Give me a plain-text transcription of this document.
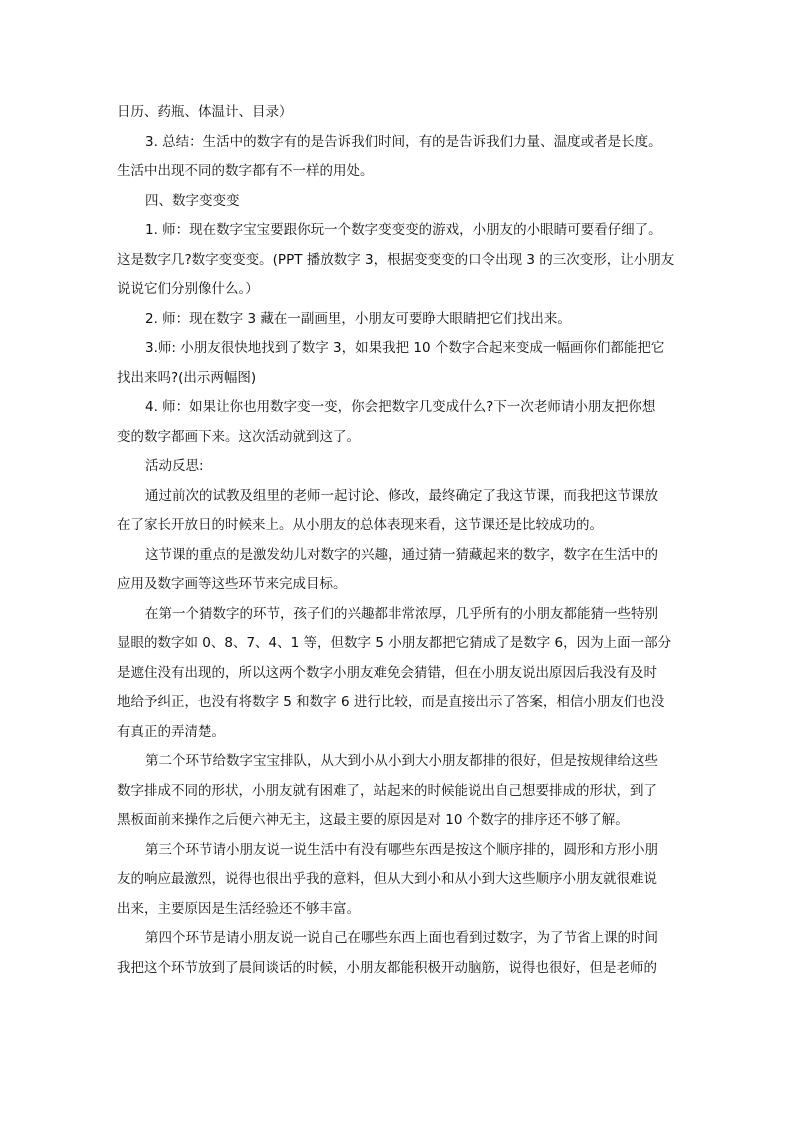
日历、药瓶、体温计、目录）
3. 总结：生活中的数字有的是告诉我们时间，有的是告诉我们力量、温度或者是长度。
生活中出现不同的数字都有不一样的用处。
四、数字变变变
1. 师：现在数字宝宝要跟你玩一个数字变变变的游戏，小朋友的小眼睛可要看仔细了。
这是数字几?数字变变变。(PPT 播放数字 3，根据变变变的口令出现 3 的三次变形，让小朋友
说说它们分别像什么。）
2. 师：现在数字 3 藏在一副画里，小朋友可要睁大眼睛把它们找出来。
3.师: 小朋友很快地找到了数字 3，如果我把 10 个数字合起来变成一幅画你们都能把它
找出来吗?(出示两幅图)
4. 师：如果让你也用数字变一变，你会把数字几变成什么?下一次老师请小朋友把你想
变的数字都画下来。这次活动就到这了。
活动反思:
通过前次的试教及组里的老师一起讨论、修改，最终确定了我这节课，而我把这节课放
在了家长开放日的时候来上。从小朋友的总体表现来看，这节课还是比较成功的。
这节课的重点的是激发幼儿对数字的兴趣，通过猜一猜藏起来的数字，数字在生活中的
应用及数字画等这些环节来完成目标。
在第一个猜数字的环节，孩子们的兴趣都非常浓厚，几乎所有的小朋友都能猜一些特别
显眼的数字如 0、8、7、4、1 等，但数字 5 小朋友都把它猜成了是数字 6，因为上面一部分
是遮住没有出现的，所以这两个数字小朋友难免会猜错，但在小朋友说出原因后我没有及时
地给予纠正，也没有将数字 5 和数字 6 进行比较，而是直接出示了答案，相信小朋友们也没
有真正的弄清楚。
第二个环节给数字宝宝排队，从大到小从小到大小朋友都排的很好，但是按规律给这些
数字排成不同的形状，小朋友就有困难了，站起来的时候能说出自己想要排成的形状，到了
黑板面前来操作之后便六神无主，这最主要的原因是对 10 个数字的排序还不够了解。
第三个环节请小朋友说一说生活中有没有哪些东西是按这个顺序排的，圆形和方形小朋
友的响应最激烈，说得也很出乎我的意料，但从大到小和从小到大这些顺序小朋友就很难说
出来，主要原因是生活经验还不够丰富。
第四个环节是请小朋友说一说自己在哪些东西上面也看到过数字，为了节省上课的时间
我把这个环节放到了晨间谈话的时候，小朋友都能积极开动脑筋，说得也很好，但是老师的
